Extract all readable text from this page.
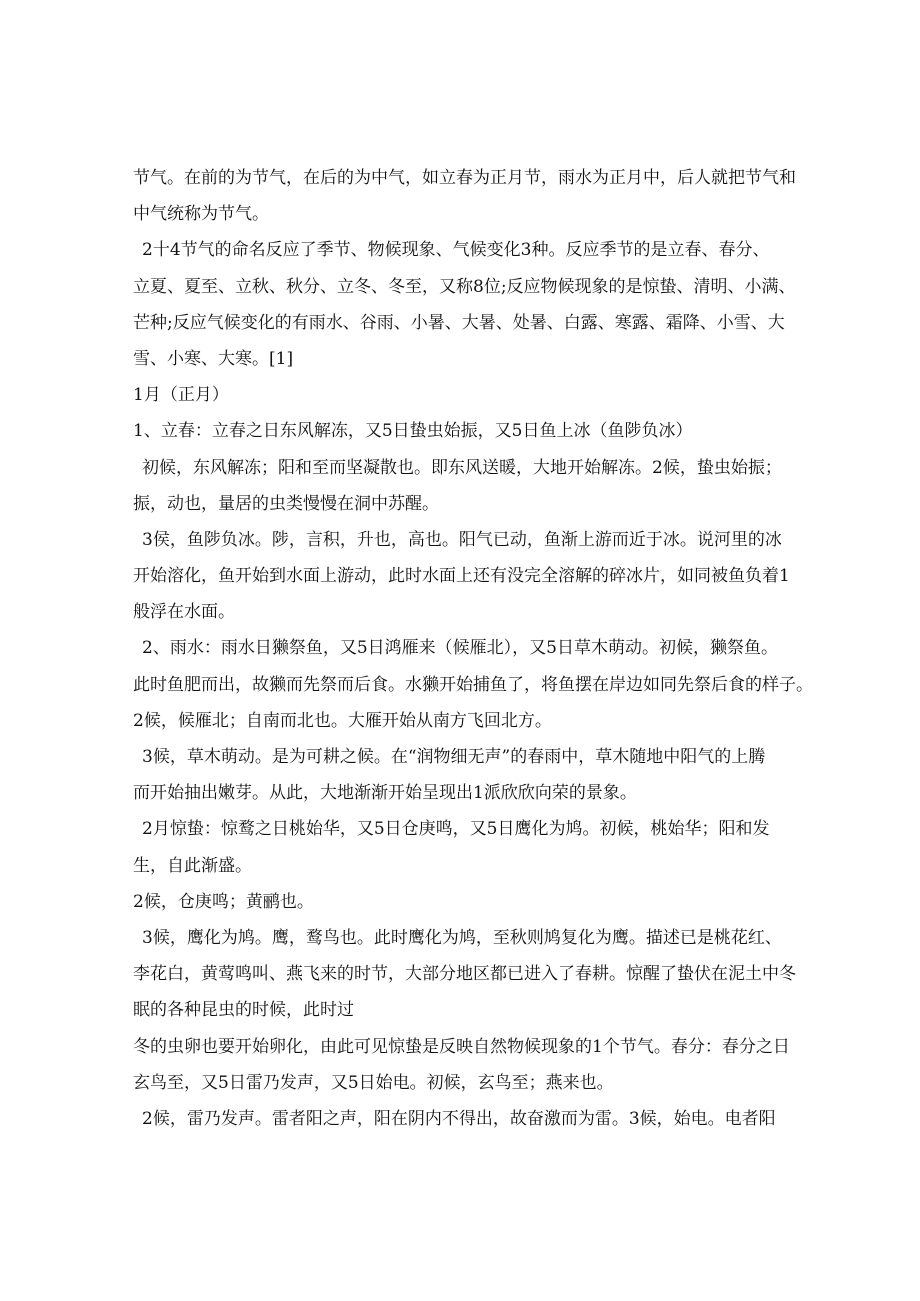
节气。在前的为节气，在后的为中气，如立春为正月节，雨水为正月中，后人就把节气和
中气统称为节气。
2十4节气的命名反应了季节、物候现象、气候变化3种。反应季节的是立春、春分、
立夏、夏至、立秋、秋分、立冬、冬至，又称8位;反应物候现象的是惊蛰、清明、小满、
芒种;反应气候变化的有雨水、谷雨、小暑、大暑、处暑、白露、寒露、霜降、小雪、大
雪、小寒、大寒。[1]
1月（正月）
1、立春：立春之日东风解冻，又5日蛰虫始振，又5日鱼上冰（鱼陟负冰）
初候，东风解冻；阳和至而坚凝散也。即东风送暖，大地开始解冻。2候，蛰虫始振；
振，动也，量居的虫类慢慢在洞中苏醒。
3侯，鱼陟负冰。陟，言积，升也，高也。阳气已动，鱼渐上游而近于冰。说河里的冰
开始溶化，鱼开始到水面上游动，此时水面上还有没完全溶解的碎冰片，如同被鱼负着1
般浮在水面。
2、雨水：雨水日獭祭鱼，又5日鸿雁来（候雁北），又5日草木萌动。初候，獭祭鱼。
此时鱼肥而出，故獭而先祭而后食。水獭开始捕鱼了，将鱼摆在岸边如同先祭后食的样子。
2候，候雁北；自南而北也。大雁开始从南方飞回北方。
3候，草木萌动。是为可耕之候。在“润物细无声”的春雨中，草木随地中阳气的上腾
而开始抽出嫩芽。从此，大地渐渐开始呈现出1派欣欣向荣的景象。
2月惊蛰：惊鹜之日桃始华，又5日仓庚鸣，又5日鹰化为鸠。初候，桃始华；阳和发
生，自此渐盛。
2候，仓庚鸣；黄鹂也。
3候，鹰化为鸠。鹰，鹜鸟也。此时鹰化为鸠，至秋则鸠复化为鹰。描述已是桃花红、
李花白，黄莺鸣叫、燕飞来的时节，大部分地区都已进入了春耕。惊醒了蛰伏在泥土中冬
眠的各种昆虫的时候，此时过
冬的虫卵也要开始卵化，由此可见惊蛰是反映自然物候现象的1个节气。春分：春分之日
玄鸟至，又5日雷乃发声，又5日始电。初候，玄鸟至；燕来也。
2候，雷乃发声。雷者阳之声，阳在阴内不得出，故奋激而为雷。3候，始电。电者阳
